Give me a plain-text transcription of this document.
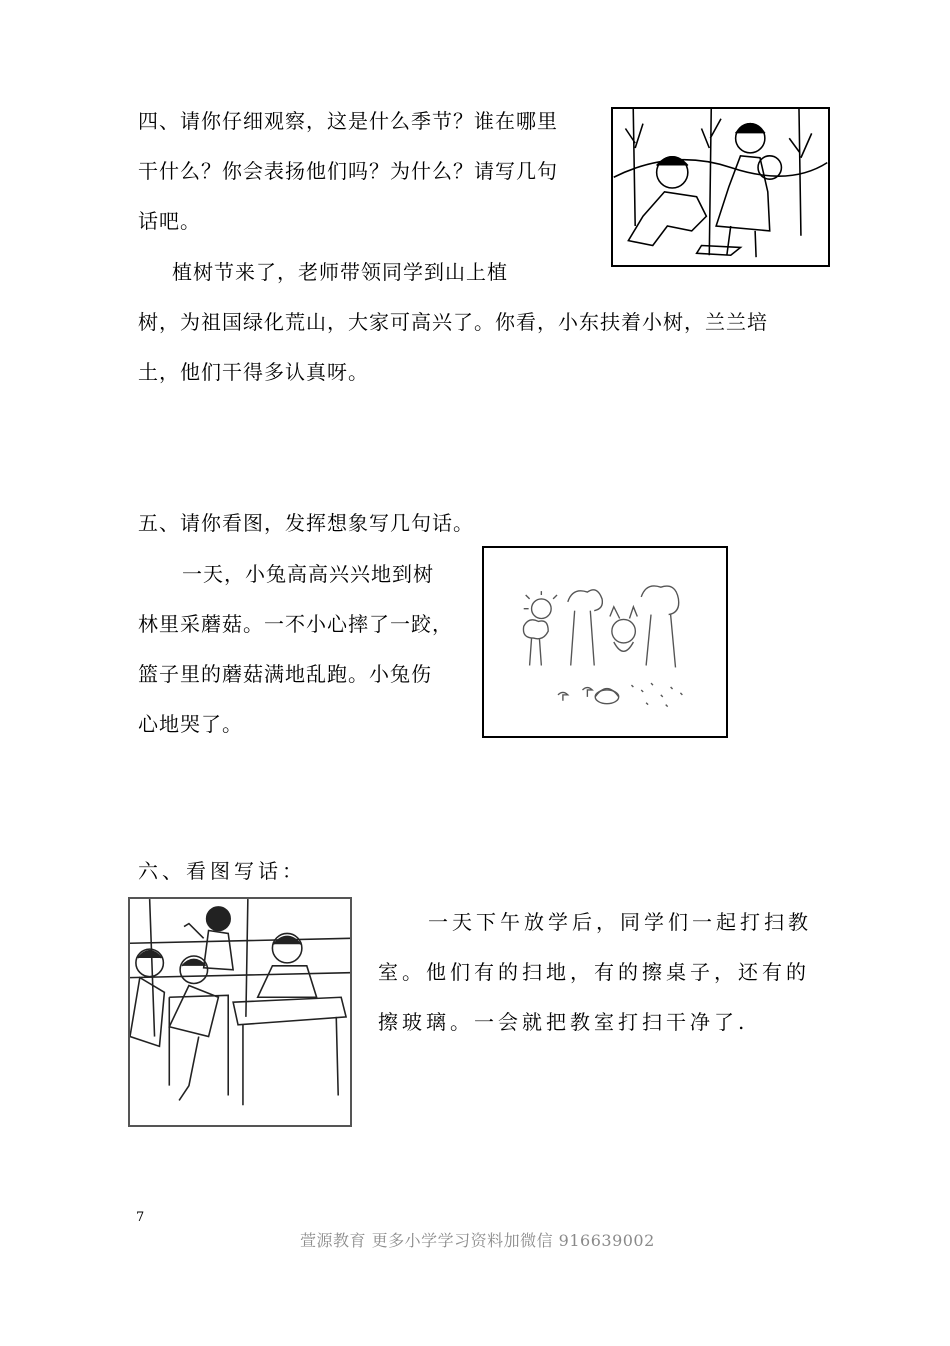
四、请你仔细观察，这是什么季节？谁在哪里
干什么？你会表扬他们吗？为什么？请写几句
话吧。
植树节来了，老师带领同学到山上植
树，为祖国绿化荒山，大家可高兴了。你看，小东扶着小树，兰兰培
土，他们干得多认真呀。
五、请你看图，发挥想象写几句话。
一天，小兔高高兴兴地到树
林里采蘑菇。一不小心摔了一跤，
篮子里的蘑菇满地乱跑。小兔伤
心地哭了。
六、看图写话：
一天下午放学后，同学们一起打扫教
室。他们有的扫地，有的擦桌子，还有的
擦玻璃。一会就把教室打扫干净了.
7
萱源教育 更多小学学习资料加微信 916639002
